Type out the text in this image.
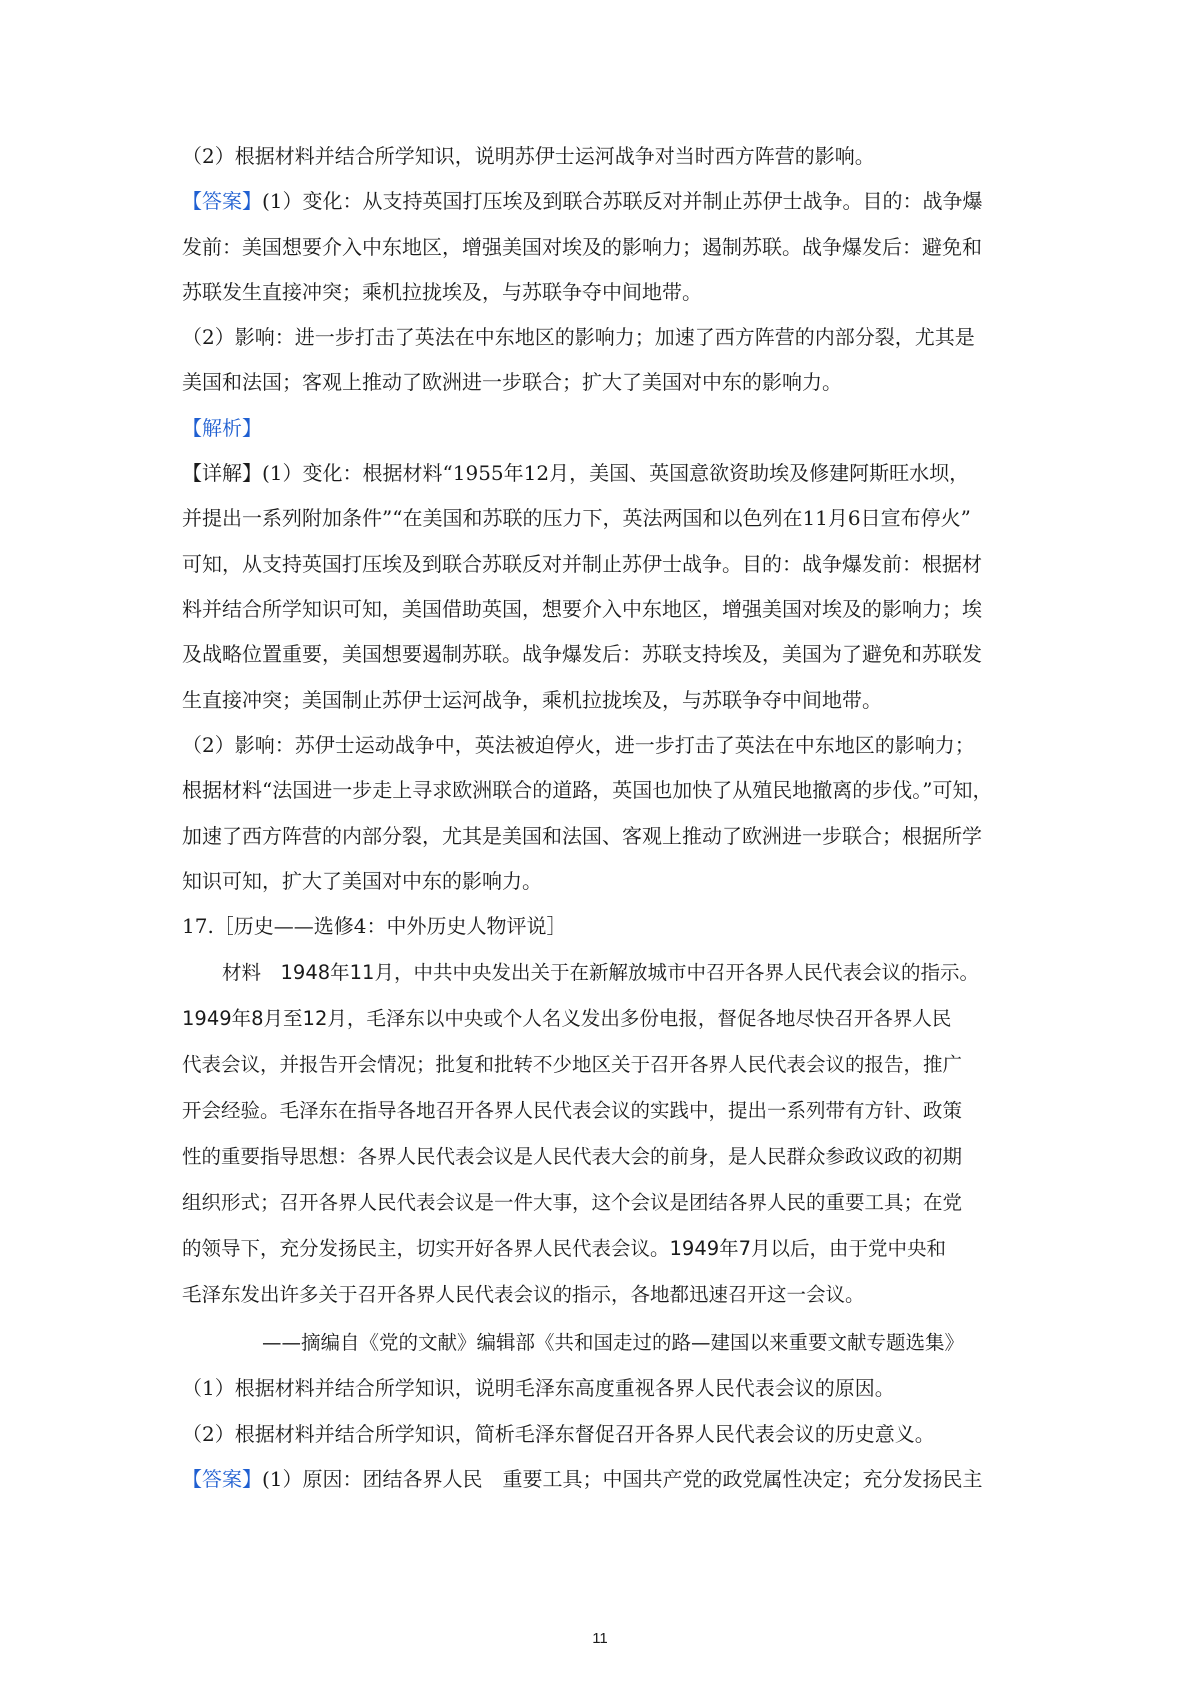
（2）根据材料并结合所学知识，说明苏伊士运河战争对当时西方阵营的影响。
【答案】(1）变化：从支持英国打压埃及到联合苏联反对并制止苏伊士战争。目的：战争爆
发前：美国想要介入中东地区，增强美国对埃及的影响力；遏制苏联。战争爆发后：避免和
苏联发生直接冲突；乘机拉拢埃及，与苏联争夺中间地带。
（2）影响：进一步打击了英法在中东地区的影响力；加速了西方阵营的内部分裂，尤其是
美国和法国；客观上推动了欧洲进一步联合；扩大了美国对中东的影响力。
【解析】
【详解】(1）变化：根据材料“1955年12月，美国、英国意欲资助埃及修建阿斯旺水坝，
并提出一系列附加条件”“在美国和苏联的压力下，英法两国和以色列在11月6日宣布停火”
可知，从支持英国打压埃及到联合苏联反对并制止苏伊士战争。目的：战争爆发前：根据材
料并结合所学知识可知，美国借助英国，想要介入中东地区，增强美国对埃及的影响力；埃
及战略位置重要，美国想要遏制苏联。战争爆发后：苏联支持埃及，美国为了避免和苏联发
生直接冲突；美国制止苏伊士运河战争，乘机拉拢埃及，与苏联争夺中间地带。
（2）影响：苏伊士运动战争中，英法被迫停火，进一步打击了英法在中东地区的影响力；
根据材料“法国进一步走上寻求欧洲联合的道路，英国也加快了从殖民地撤离的步伐。”可知，
加速了西方阵营的内部分裂，尤其是美国和法国、客观上推动了欧洲进一步联合；根据所学
知识可知，扩大了美国对中东的影响力。
17.［历史——选修4：中外历史人物评说］
材料　1948年11月，中共中央发出关于在新解放城市中召开各界人民代表会议的指示。
1949年8月至12月，毛泽东以中央或个人名义发出多份电报，督促各地尽快召开各界人民
代表会议，并报告开会情况；批复和批转不少地区关于召开各界人民代表会议的报告，推广
开会经验。毛泽东在指导各地召开各界人民代表会议的实践中，提出一系列带有方针、政策
性的重要指导思想：各界人民代表会议是人民代表大会的前身，是人民群众参政议政的初期
组织形式；召开各界人民代表会议是一件大事，这个会议是团结各界人民的重要工具；在党
的领导下，充分发扬民主，切实开好各界人民代表会议。1949年7月以后，由于党中央和
毛泽东发出许多关于召开各界人民代表会议的指示，各地都迅速召开这一会议。
——摘编自《党的文献》编辑部《共和国走过的路—建国以来重要文献专题选集》
（1）根据材料并结合所学知识，说明毛泽东高度重视各界人民代表会议的原因。
（2）根据材料并结合所学知识，简析毛泽东督促召开各界人民代表会议的历史意义。
【答案】(1）原因：团结各界人民　重要工具；中国共产党的政党属性决定；充分发扬民主
11
